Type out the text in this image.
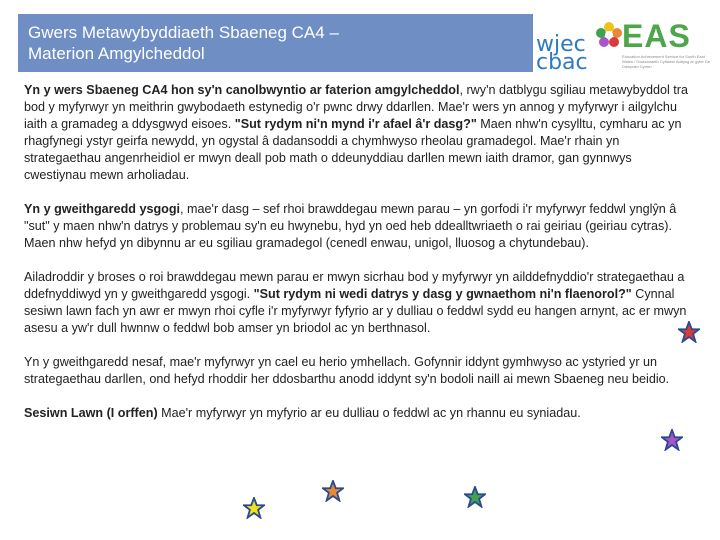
Gwers Metawybyddiaeth Sbaeneg CA4 –
Materion Amgylcheddol	wjec
cbac
EAS
Education Achievement Service for South East Wales / Gwasanaeth Cyflawni Addysg ar gyfer De Ddwyrain Cymru

Yn y wers Sbaeneg CA4 hon sy'n canolbwyntio ar faterion amgylcheddol, rwy'n datblygu sgiliau metawybyddol tra bod y myfyrwyr yn meithrin gwybodaeth estynedig o'r pwnc drwy ddarllen. Mae'r wers yn annog y myfyrwyr i ailgylchu iaith a gramadeg a ddysgwyd eisoes. "Sut rydym ni'n mynd i'r afael â'r dasg?" Maen nhw'n cysylltu, cymharu ac yn rhagfynegi ystyr geirfa newydd, yn ogystal â dadansoddi a chymhwyso rheolau gramadegol. Mae'r rhain yn strategaethau angenrheidiol er mwyn deall pob math o ddeunyddiau darllen mewn iaith dramor, gan gynnwys cwestiynau mewn arholiadau.

Yn y gweithgaredd ysgogi, mae'r dasg – sef rhoi brawddegau mewn parau – yn gorfodi i'r myfyrwyr feddwl ynglŷn â "sut" y maen nhw'n datrys y problemau sy'n eu hwynebu, hyd yn oed heb ddealltwriaeth o rai geiriau (geiriau cytras). Maen nhw hefyd yn dibynnu ar eu sgiliau gramadegol (cenedl enwau, unigol, lluosog a chytundebau).

Ailadroddir y broses o roi brawddegau mewn parau er mwyn sicrhau bod y myfyrwyr yn ailddefnyddio'r strategaethau a ddefnyddiwyd yn y gweithgaredd ysgogi. "Sut rydym ni wedi datrys y dasg y gwnaethom ni'n flaenorol?" Cynnal sesiwn lawn fach yn awr er mwyn rhoi cyfle i'r myfyrwyr fyfyrio ar y dulliau o feddwl sydd eu hangen arnynt, ac er mwyn asesu a yw'r dull hwnnw o feddwl bob amser yn briodol ac yn berthnasol.

Yn y gweithgaredd nesaf, mae'r myfyrwyr yn cael eu herio ymhellach. Gofynnir iddynt gymhwyso ac ystyried yr un strategaethau darllen, ond hefyd rhoddir her ddosbarthu anodd iddynt sy'n bodoli naill ai mewn Sbaeneg neu beidio.

Sesiwn Lawn (I orffen) Mae'r myfyrwyr yn myfyrio ar eu dulliau o feddwl ac yn rhannu eu syniadau.
